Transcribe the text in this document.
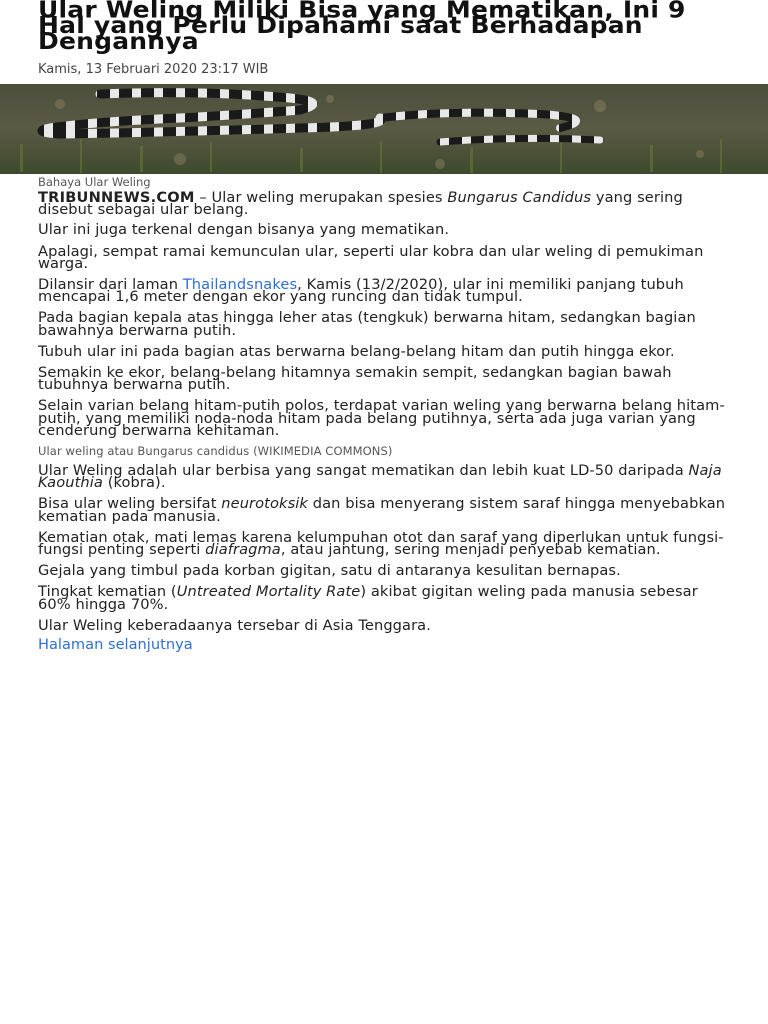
Ular Weling Miliki Bisa yang Mematikan, Ini 9 Hal yang Perlu Dipahami saat Berhadapan Dengannya
Kamis, 13 Februari 2020 23:17 WIB
Bahaya Ular Weling

TRIBUNNEWS.COM – Ular weling merupakan spesies Bungarus Candidus yang sering disebut sebagai ular belang.

Ular ini juga terkenal dengan bisanya yang mematikan.

Apalagi, sempat ramai kemunculan ular, seperti ular kobra dan ular weling di pemukiman warga.

Dilansir dari laman Thailandsnakes, Kamis (13/2/2020), ular ini memiliki panjang tubuh mencapai 1,6 meter dengan ekor yang runcing dan tidak tumpul.

Pada bagian kepala atas hingga leher atas (tengkuk) berwarna hitam, sedangkan bagian bawahnya berwarna putih.

Tubuh ular ini pada bagian atas berwarna belang-belang hitam dan putih hingga ekor.

Semakin ke ekor, belang-belang hitamnya semakin sempit, sedangkan bagian bawah tubuhnya berwarna putih.

Selain varian belang hitam-putih polos, terdapat varian weling yang berwarna belang hitam-putih, yang memiliki noda-noda hitam pada belang putihnya, serta ada juga varian yang cenderung berwarna kehitaman.

Ular weling atau Bungarus candidus (WIKIMEDIA COMMONS)

Ular Weling adalah ular berbisa yang sangat mematikan dan lebih kuat LD-50 daripada Naja Kaouthia (kobra).

Bisa ular weling bersifat neurotoksik dan bisa menyerang sistem saraf hingga menyebabkan kematian pada manusia.

Kematian otak, mati lemas karena kelumpuhan otot dan saraf yang diperlukan untuk fungsi-fungsi penting seperti diafragma, atau jantung, sering menjadi penyebab kematian.

Gejala yang timbul pada korban gigitan, satu di antaranya kesulitan bernapas.

Tingkat kematian (Untreated Mortality Rate) akibat gigitan weling pada manusia sebesar 60% hingga 70%.

Ular Weling keberadaanya tersebar di Asia Tenggara.

Halaman selanjutnya
